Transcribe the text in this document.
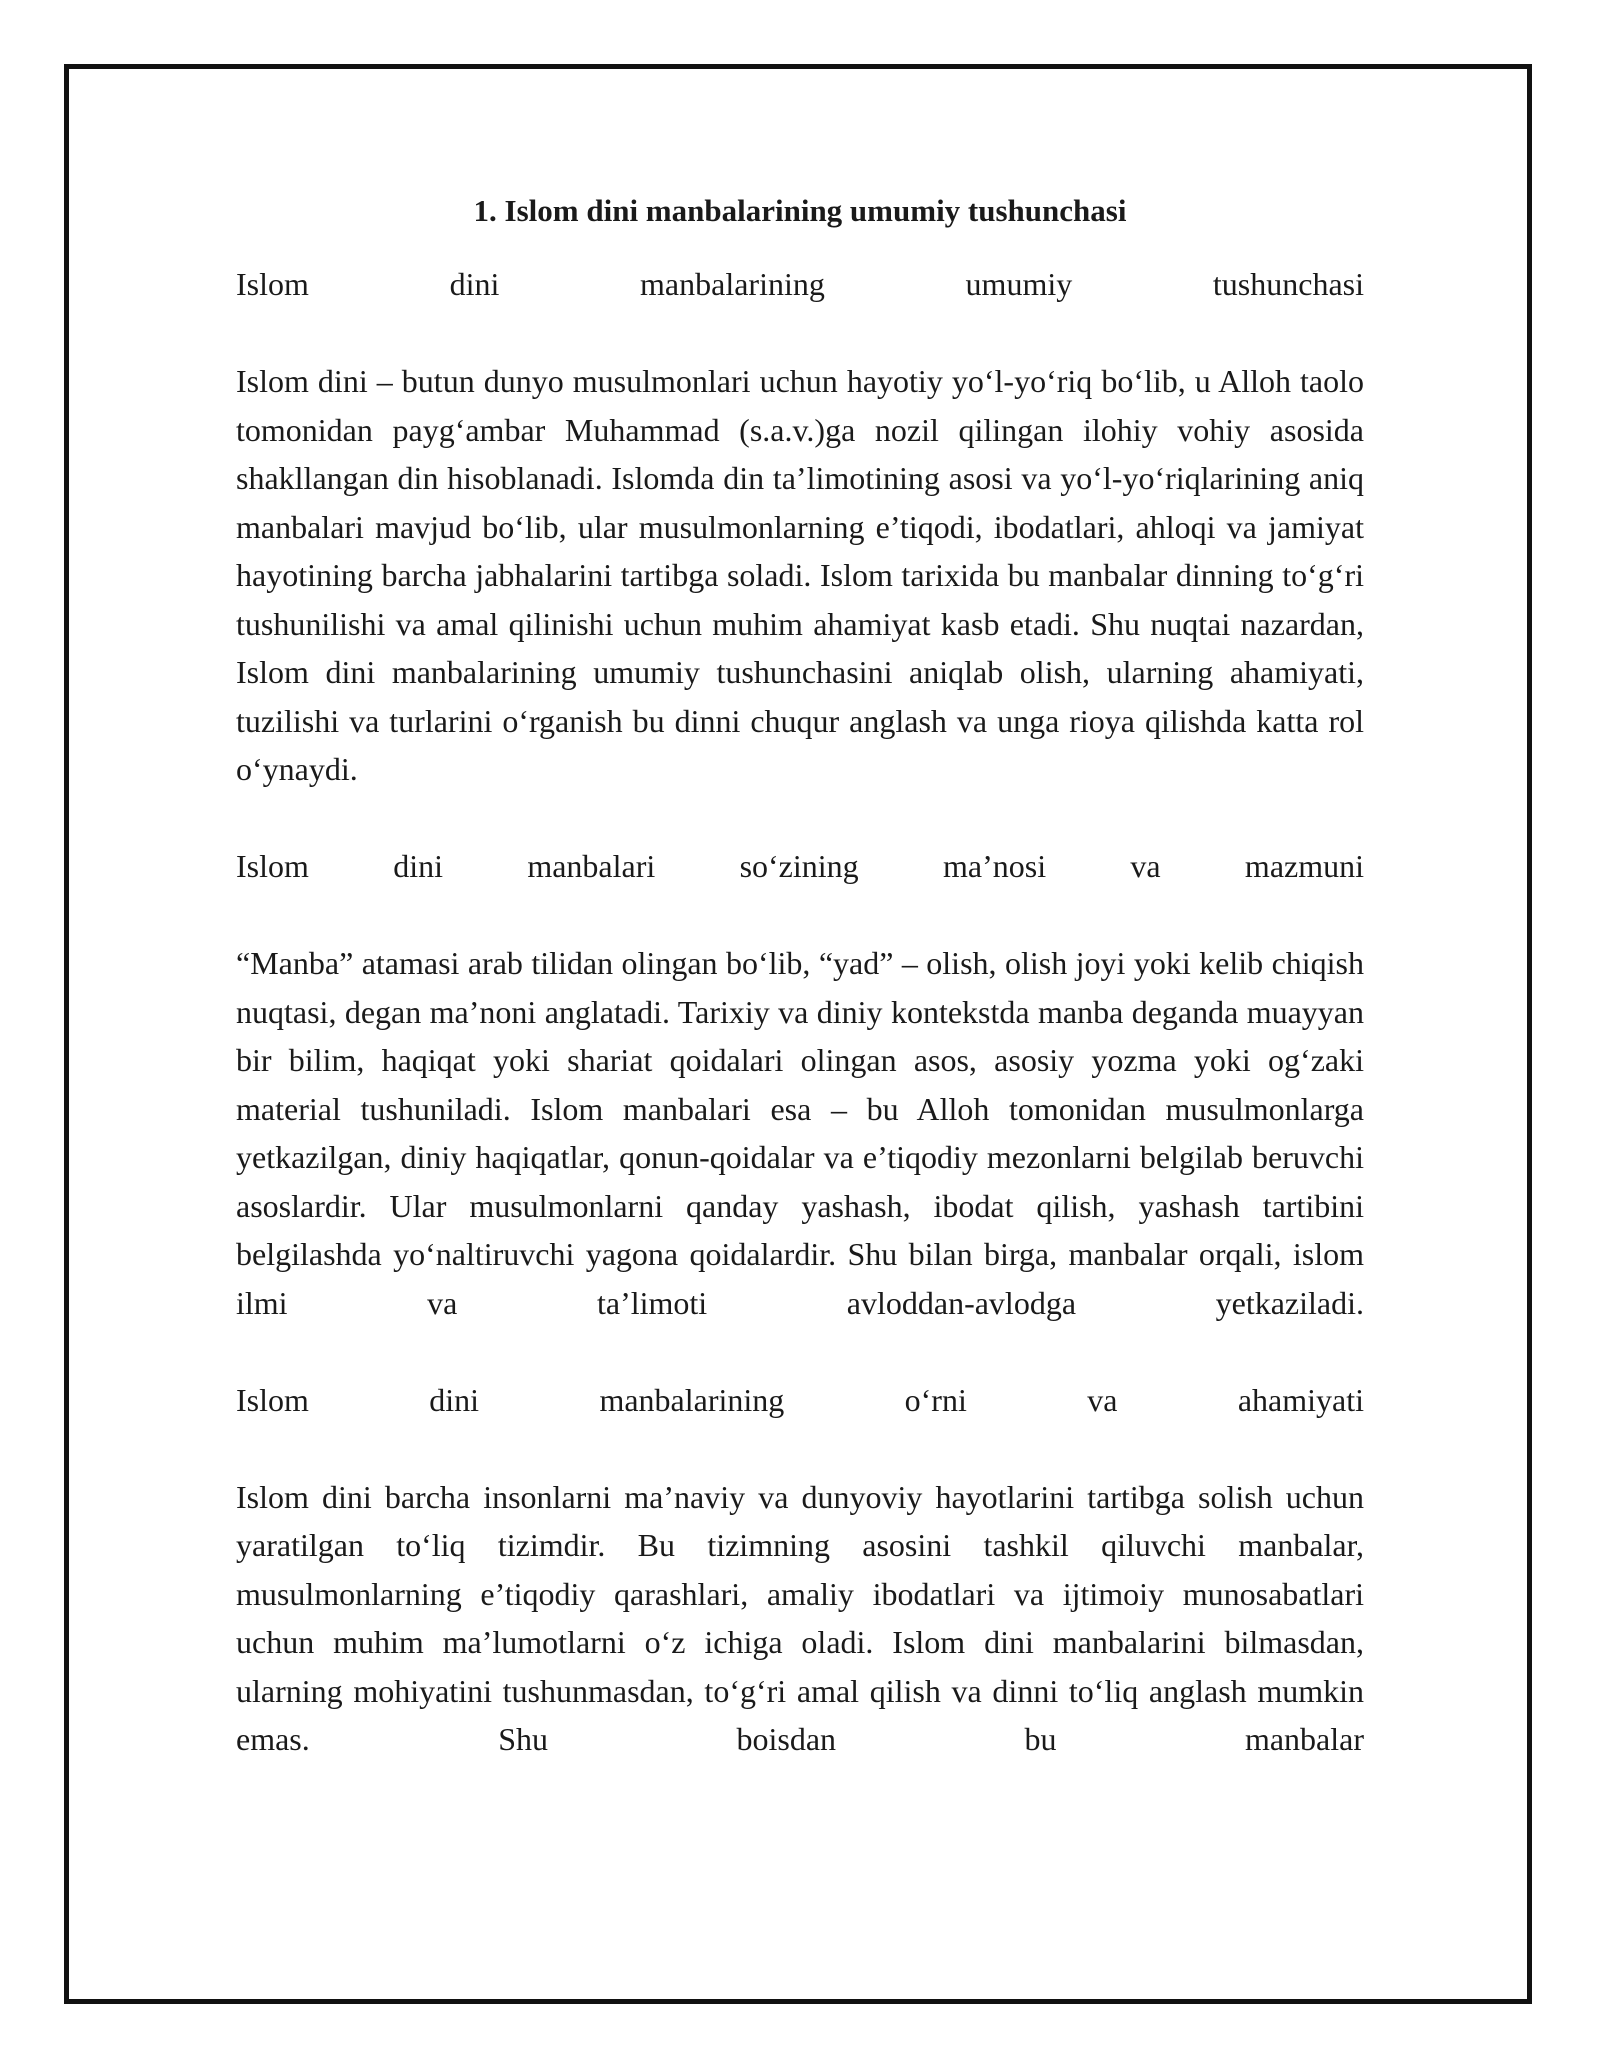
1. Islom dini manbalarining umumiy tushunchasi

Islom dini manbalarining umumiy tushunchasi

Islom dini – butun dunyo musulmonlari uchun hayotiy yo‘l-yo‘riq bo‘lib, u Alloh taolo tomonidan payg‘ambar Muhammad (s.a.v.)ga nozil qilingan ilohiy vohiy asosida shakllangan din hisoblanadi. Islomda din ta’limotining asosi va yo‘l-yo‘riqlarining aniq manbalari mavjud bo‘lib, ular musulmonlarning e’tiqodi, ibodatlari, ahloqi va jamiyat hayotining barcha jabhalarini tartibga soladi. Islom tarixida bu manbalar dinning to‘g‘ri tushunilishi va amal qilinishi uchun muhim ahamiyat kasb etadi. Shu nuqtai nazardan, Islom dini manbalarining umumiy tushunchasini aniqlab olish, ularning ahamiyati, tuzilishi va turlarini o‘rganish bu dinni chuqur anglash va unga rioya qilishda katta rol o‘ynaydi.

Islom dini manbalari so‘zining ma’nosi va mazmuni

“Manba” atamasi arab tilidan olingan bo‘lib, “yad” – olish, olish joyi yoki kelib chiqish nuqtasi, degan ma’noni anglatadi. Tarixiy va diniy kontekstda manba deganda muayyan bir bilim, haqiqat yoki shariat qoidalari olingan asos, asosiy yozma yoki og‘zaki material tushuniladi. Islom manbalari esa – bu Alloh tomonidan musulmonlarga yetkazilgan, diniy haqiqatlar, qonun-qoidalar va e’tiqodiy mezonlarni belgilab beruvchi asoslardir. Ular musulmonlarni qanday yashash, ibodat qilish, yashash tartibini belgilashda yo‘naltiruvchi yagona qoidalardir. Shu bilan birga, manbalar orqali, islom ilmi va ta’limoti avloddan-avlodga yetkaziladi.

Islom dini manbalarining o‘rni va ahamiyati

Islom dini barcha insonlarni ma’naviy va dunyoviy hayotlarini tartibga solish uchun yaratilgan to‘liq tizimdir. Bu tizimning asosini tashkil qiluvchi manbalar, musulmonlarning e’tiqodiy qarashlari, amaliy ibodatlari va ijtimoiy munosabatlari uchun muhim ma’lumotlarni o‘z ichiga oladi. Islom dini manbalarini bilmasdan, ularning mohiyatini tushunmasdan, to‘g‘ri amal qilish va dinni to‘liq anglash mumkin emas. Shu boisdan bu manbalar
